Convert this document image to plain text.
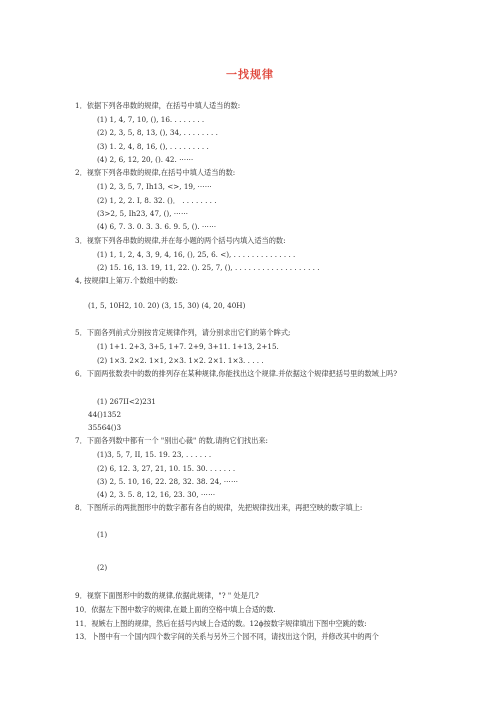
一找规律
1．依据下列各串数的规律，在括号中填人适当的数:
(1) 1, 4, 7, 10, (), 16. . . . . . . .
(2) 2, 3, 5, 8, 13, (), 34, . . . . . . . .
(3) 1. 2, 4, 8, 16, (), . . . . . . . . .
(4) 2, 6, 12, 20, (). 42. ⋯⋯
2．视察下列各串数的规律,在括号中填人适当的数:
(1) 2, 3, 5, 7, Ih13, <>, 19, ⋯⋯
(2) 1, 2, 2. I, 8. 32. ()． . . . . . . . .
(3>2, 5, Ih23, 47, (), ⋯⋯
(4) 6, 7. 3. 0. 3. 3. 6. 9. 5, (). ⋯⋯
3．视察下列各串数的规律,并在每小题的两个括号内填入适当的数:
(1) 1, 1, 2, 4, 3, 9, 4, 16, (), 25, 6. <), . . . . . . . . . . . . . .
(2) 15. 16, 13. 19, 11, 22. (). 25, 7, (), . . . . . . . . . . . . . . . . . . .
4, 按规律I上第万.个数组中的数:
(1, 5, 10H2, 10. 20) (3, 15, 30) (4, 20, 40H)
5．下面各列前式分别按肯定规律作列，请分别求出它们的第个眸式;
(1) 1+1. 2+3, 3+5, 1+7. 2+9, 3+11. 1+13, 2+15.
(2) 1×3. 2×2. 1×1, 2×3. 1×2. 2×1. 1×3. . . . .
6．下面两张数表中的数的排列存在某种规律,你能找出这个规律.并依据这个规律把括号里的数域上吗?
(1) 267II<2)231
44()1352
35564()3
7．下面各列数中都有一个 "别出心裁" 的数,请拘它们找出来:
(1)3, 5, 7, II, 15. 19. 23, . . . . . .
(2) 6, 12. 3, 27, 21, 10. 15. 30. . . . . . .
(3) 2, 5. 10, 16, 22. 28, 32. 38. 24, ⋯⋯
(4) 2, 3. 5. 8, 12, 16, 23. 30, ⋯⋯
8．下图所示的两批图形中的数字都有各自的规律，先把规律找出来，再把空映的数字填上:
(1)
(2)
9．视察下面图形中的数的规律,依据此规律，"? " 处是几?
10．依据左下图中数字的规律,在最上面的空格中填上合适的数.
11．视嫉右上图的规律，然后在括号内域上合适的数。12ϕ按数字规律填出下图中空跳的数:
13．卜图中有一个国内四个数字间的关系与另外三个园不同，请找出这个阴，并修改其中的两个
